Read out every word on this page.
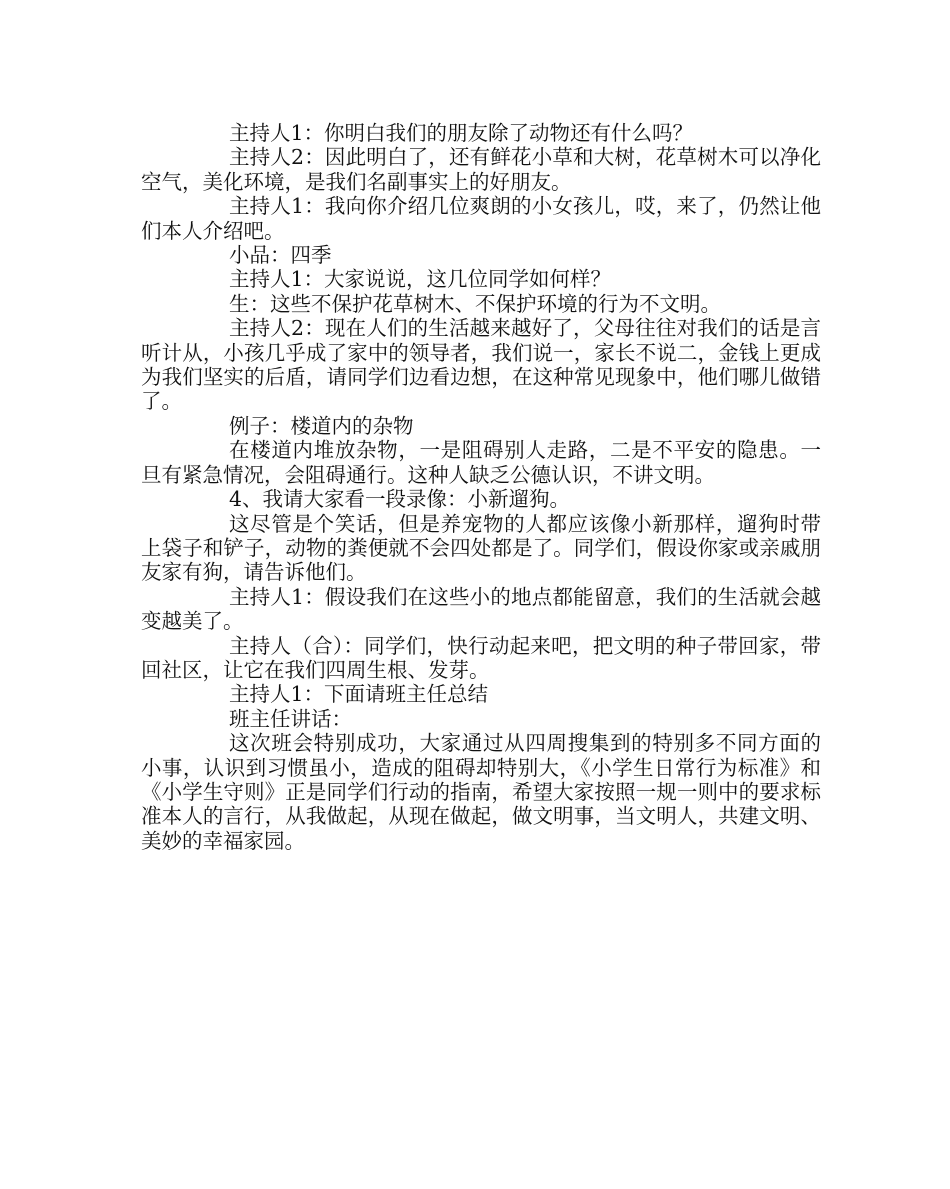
主持人1：你明白我们的朋友除了动物还有什么吗？

主持人2：因此明白了，还有鲜花小草和大树，花草树木可以净化空气，美化环境，是我们名副事实上的好朋友。

主持人1：我向你介绍几位爽朗的小女孩儿，哎，来了，仍然让他们本人介绍吧。

小品：四季

主持人1：大家说说，这几位同学如何样？

生：这些不保护花草树木、不保护环境的行为不文明。

主持人2：现在人们的生活越来越好了，父母往往对我们的话是言听计从，小孩几乎成了家中的领导者，我们说一，家长不说二，金钱上更成为我们坚实的后盾，请同学们边看边想，在这种常见现象中，他们哪儿做错了。

例子：楼道内的杂物

在楼道内堆放杂物，一是阻碍别人走路，二是不平安的隐患。一旦有紧急情况，会阻碍通行。这种人缺乏公德认识，不讲文明。

4、我请大家看一段录像：小新遛狗。

这尽管是个笑话，但是养宠物的人都应该像小新那样，遛狗时带上袋子和铲子，动物的粪便就不会四处都是了。同学们，假设你家或亲戚朋友家有狗，请告诉他们。

主持人1：假设我们在这些小的地点都能留意，我们的生活就会越变越美了。

主持人（合）：同学们，快行动起来吧，把文明的种子带回家，带回社区，让它在我们四周生根、发芽。

主持人1：下面请班主任总结

班主任讲话：

这次班会特别成功，大家通过从四周搜集到的特别多不同方面的小事，认识到习惯虽小，造成的阻碍却特别大，《小学生日常行为标准》和《小学生守则》正是同学们行动的指南，希望大家按照一规一则中的要求标准本人的言行，从我做起，从现在做起，做文明事，当文明人，共建文明、美妙的幸福家园。
